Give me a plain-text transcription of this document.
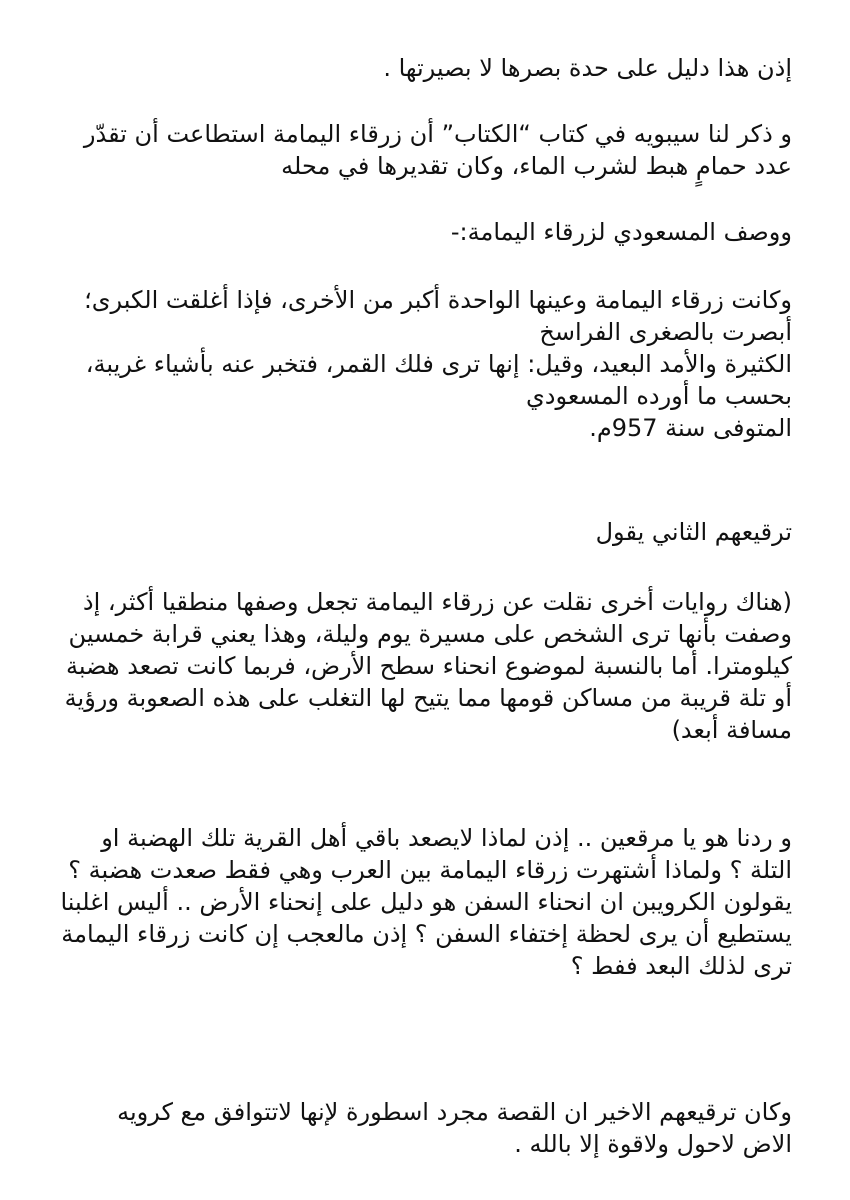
إذن هذا دليل على حدة بصرها لا بصيرتها .

و ذكر لنا سيبويه في كتاب “الكتاب” أن زرقاء اليمامة استطاعت أن تقدّر
عدد حمامٍ هبط لشرب الماء، وكان تقديرها في محله

ووصف المسعودي لزرقاء اليمامة:-

وكانت زرقاء اليمامة وعينها الواحدة أكبر من الأخرى، فإذا أغلقت الكبرى؛
أبصرت بالصغرى الفراسخ
الكثيرة والأمد البعيد، وقيل: إنها ترى فلك القمر، فتخبر عنه بأشياء غريبة،
بحسب ما أورده المسعودي
المتوفى سنة 957م.

ترقيعهم الثاني يقول

(هناك روايات أخرى نقلت عن زرقاء اليمامة تجعل وصفها منطقيا أكثر، إذ
وصفت بأنها ترى الشخص على مسيرة يوم وليلة، وهذا يعني قرابة خمسين
كيلومترا. أما بالنسبة لموضوع انحناء سطح الأرض، فربما كانت تصعد هضبة
أو تلة قريبة من مساكن قومها مما يتيح لها التغلب على هذه الصعوبة ورؤية
مسافة أبعد)

و ردنا هو يا مرقعين .. إذن لماذا لايصعد باقي أهل القرية تلك الهضبة او
التلة ؟ ولماذا أشتهرت زرقاء اليمامة بين العرب وهي فقط صعدت هضبة ؟
يقولون الكرويبن ان انحناء السفن هو دليل على إنحناء الأرض .. أليس اغلبنا
يستطيع أن يرى لحظة إختفاء السفن ؟ إذن مالعجب إن كانت زرقاء اليمامة
ترى لذلك البعد ففط ؟

وكان ترقيعهم الاخير ان القصة مجرد اسطورة لإنها لاتتوافق مع كرويه
الاض لاحول ولاقوة إلا بالله .
